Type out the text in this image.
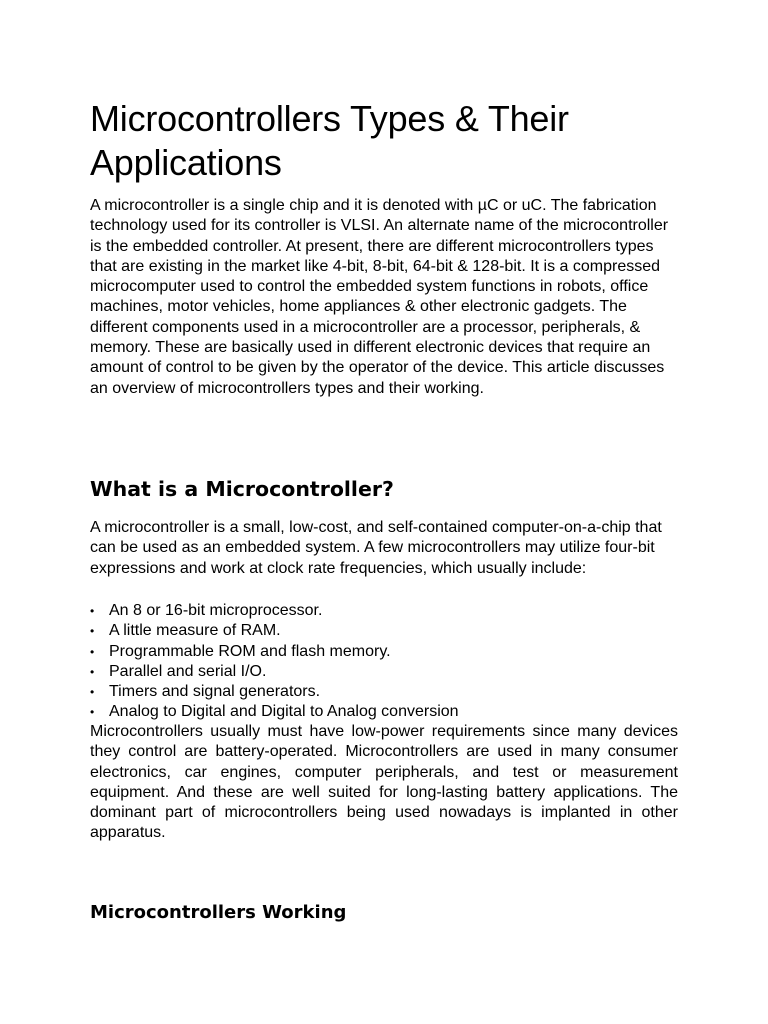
Microcontrollers Types & Their Applications

A microcontroller is a single chip and it is denoted with µC or uC. The fabrication technology used for its controller is VLSI. An alternate name of the microcontroller is the embedded controller. At present, there are different microcontrollers types that are existing in the market like 4-bit, 8-bit, 64-bit & 128-bit. It is a compressed microcomputer used to control the embedded system functions in robots, office machines, motor vehicles, home appliances & other electronic gadgets. The different components used in a microcontroller are a processor, peripherals, & memory. These are basically used in different electronic devices that require an amount of control to be given by the operator of the device. This article discusses an overview of microcontrollers types and their working.

What is a Microcontroller?

A microcontroller is a small, low-cost, and self-contained computer-on-a-chip that can be used as an embedded system. A few microcontrollers may utilize four-bit expressions and work at clock rate frequencies, which usually include:

• An 8 or 16-bit microprocessor.
• A little measure of RAM.
• Programmable ROM and flash memory.
• Parallel and serial I/O.
• Timers and signal generators.
• Analog to Digital and Digital to Analog conversion

Microcontrollers usually must have low-power requirements since many devices they control are battery-operated. Microcontrollers are used in many consumer electronics, car engines, computer peripherals, and test or measurement equipment. And these are well suited for long-lasting battery applications. The dominant part of microcontrollers being used nowadays is implanted in other apparatus.

Microcontrollers Working
